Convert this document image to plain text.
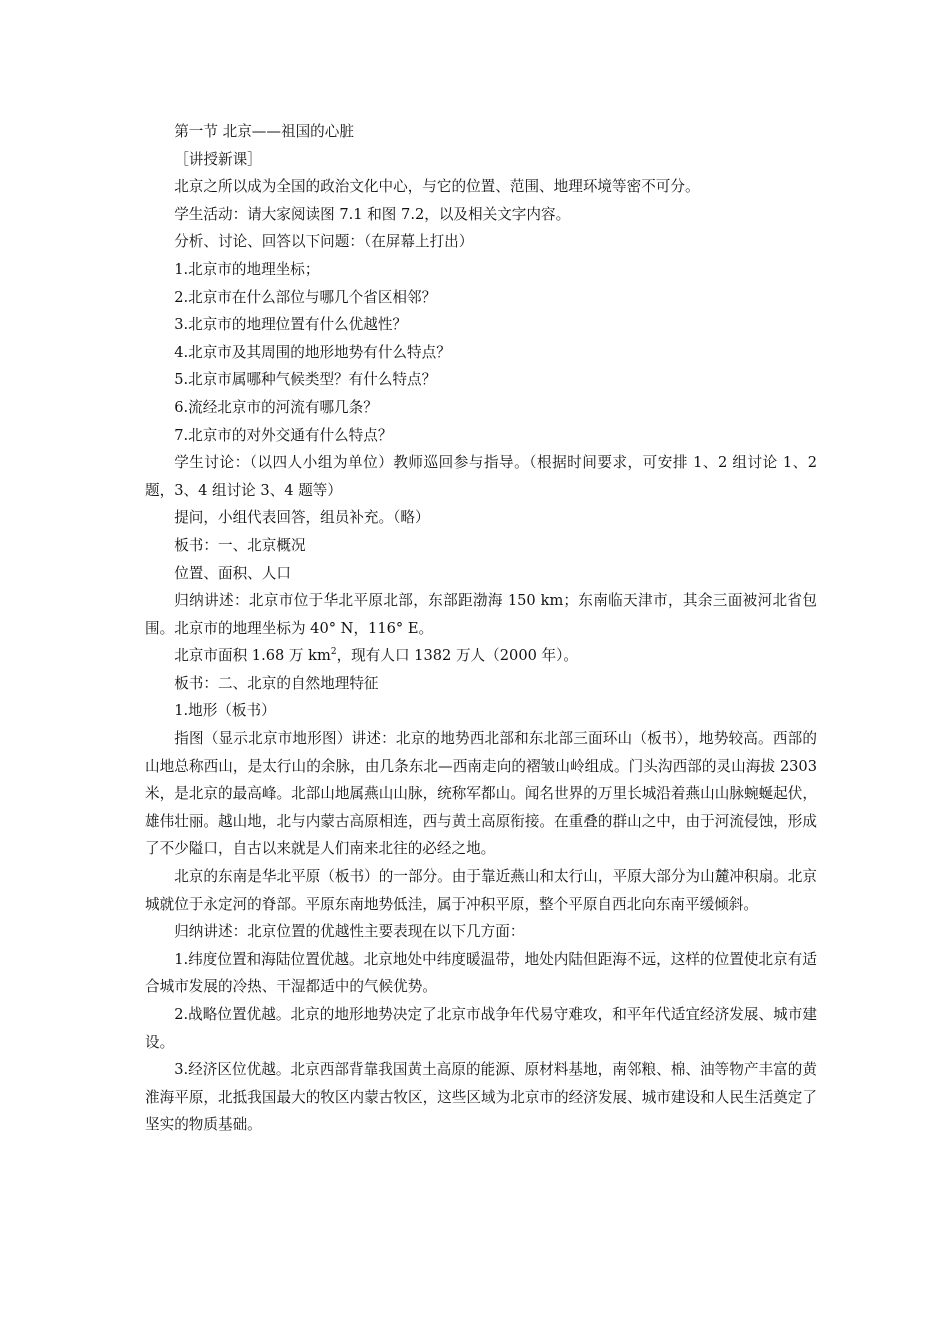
第一节 北京——祖国的心脏

［讲授新课］

北京之所以成为全国的政治文化中心，与它的位置、范围、地理环境等密不可分。

学生活动：请大家阅读图 7.1 和图 7.2，以及相关文字内容。

分析、讨论、回答以下问题：（在屏幕上打出）

1.北京市的地理坐标；

2.北京市在什么部位与哪几个省区相邻？

3.北京市的地理位置有什么优越性？

4.北京市及其周围的地形地势有什么特点？

5.北京市属哪种气候类型？有什么特点？

6.流经北京市的河流有哪几条？

7.北京市的对外交通有什么特点？

学生讨论：（以四人小组为单位）教师巡回参与指导。（根据时间要求，可安排 1、2 组讨论 1、2 题，3、4 组讨论 3、4 题等）

提问，小组代表回答，组员补充。（略）

板书：一、北京概况

位置、面积、人口

归纳讲述：北京市位于华北平原北部，东部距渤海 150 km；东南临天津市，其余三面被河北省包围。北京市的地理坐标为 40° N，116° E。

北京市面积 1.68 万 $km^2$，现有人口 1382 万人（2000 年）。

板书：二、北京的自然地理特征

1.地形（板书）

指图（显示北京市地形图）讲述：北京的地势西北部和东北部三面环山（板书），地势较高。西部的山地总称西山，是太行山的余脉，由几条东北—西南走向的褶皱山岭组成。门头沟西部的灵山海拔 2303 米，是北京的最高峰。北部山地属燕山山脉，统称军都山。闻名世界的万里长城沿着燕山山脉蜿蜒起伏，雄伟壮丽。越山地，北与内蒙古高原相连，西与黄土高原衔接。在重叠的群山之中，由于河流侵蚀，形成了不少隘口，自古以来就是人们南来北往的必经之地。

北京的东南是华北平原（板书）的一部分。由于靠近燕山和太行山，平原大部分为山麓冲积扇。北京城就位于永定河的脊部。平原东南地势低洼，属于冲积平原，整个平原自西北向东南平缓倾斜。

归纳讲述：北京位置的优越性主要表现在以下几方面：

1.纬度位置和海陆位置优越。北京地处中纬度暖温带，地处内陆但距海不远，这样的位置使北京有适合城市发展的冷热、干湿都适中的气候优势。

2.战略位置优越。北京的地形地势决定了北京市战争年代易守难攻，和平年代适宜经济发展、城市建设。

3.经济区位优越。北京西部背靠我国黄土高原的能源、原材料基地，南邻粮、棉、油等物产丰富的黄淮海平原，北抵我国最大的牧区内蒙古牧区，这些区域为北京市的经济发展、城市建设和人民生活奠定了坚实的物质基础。
